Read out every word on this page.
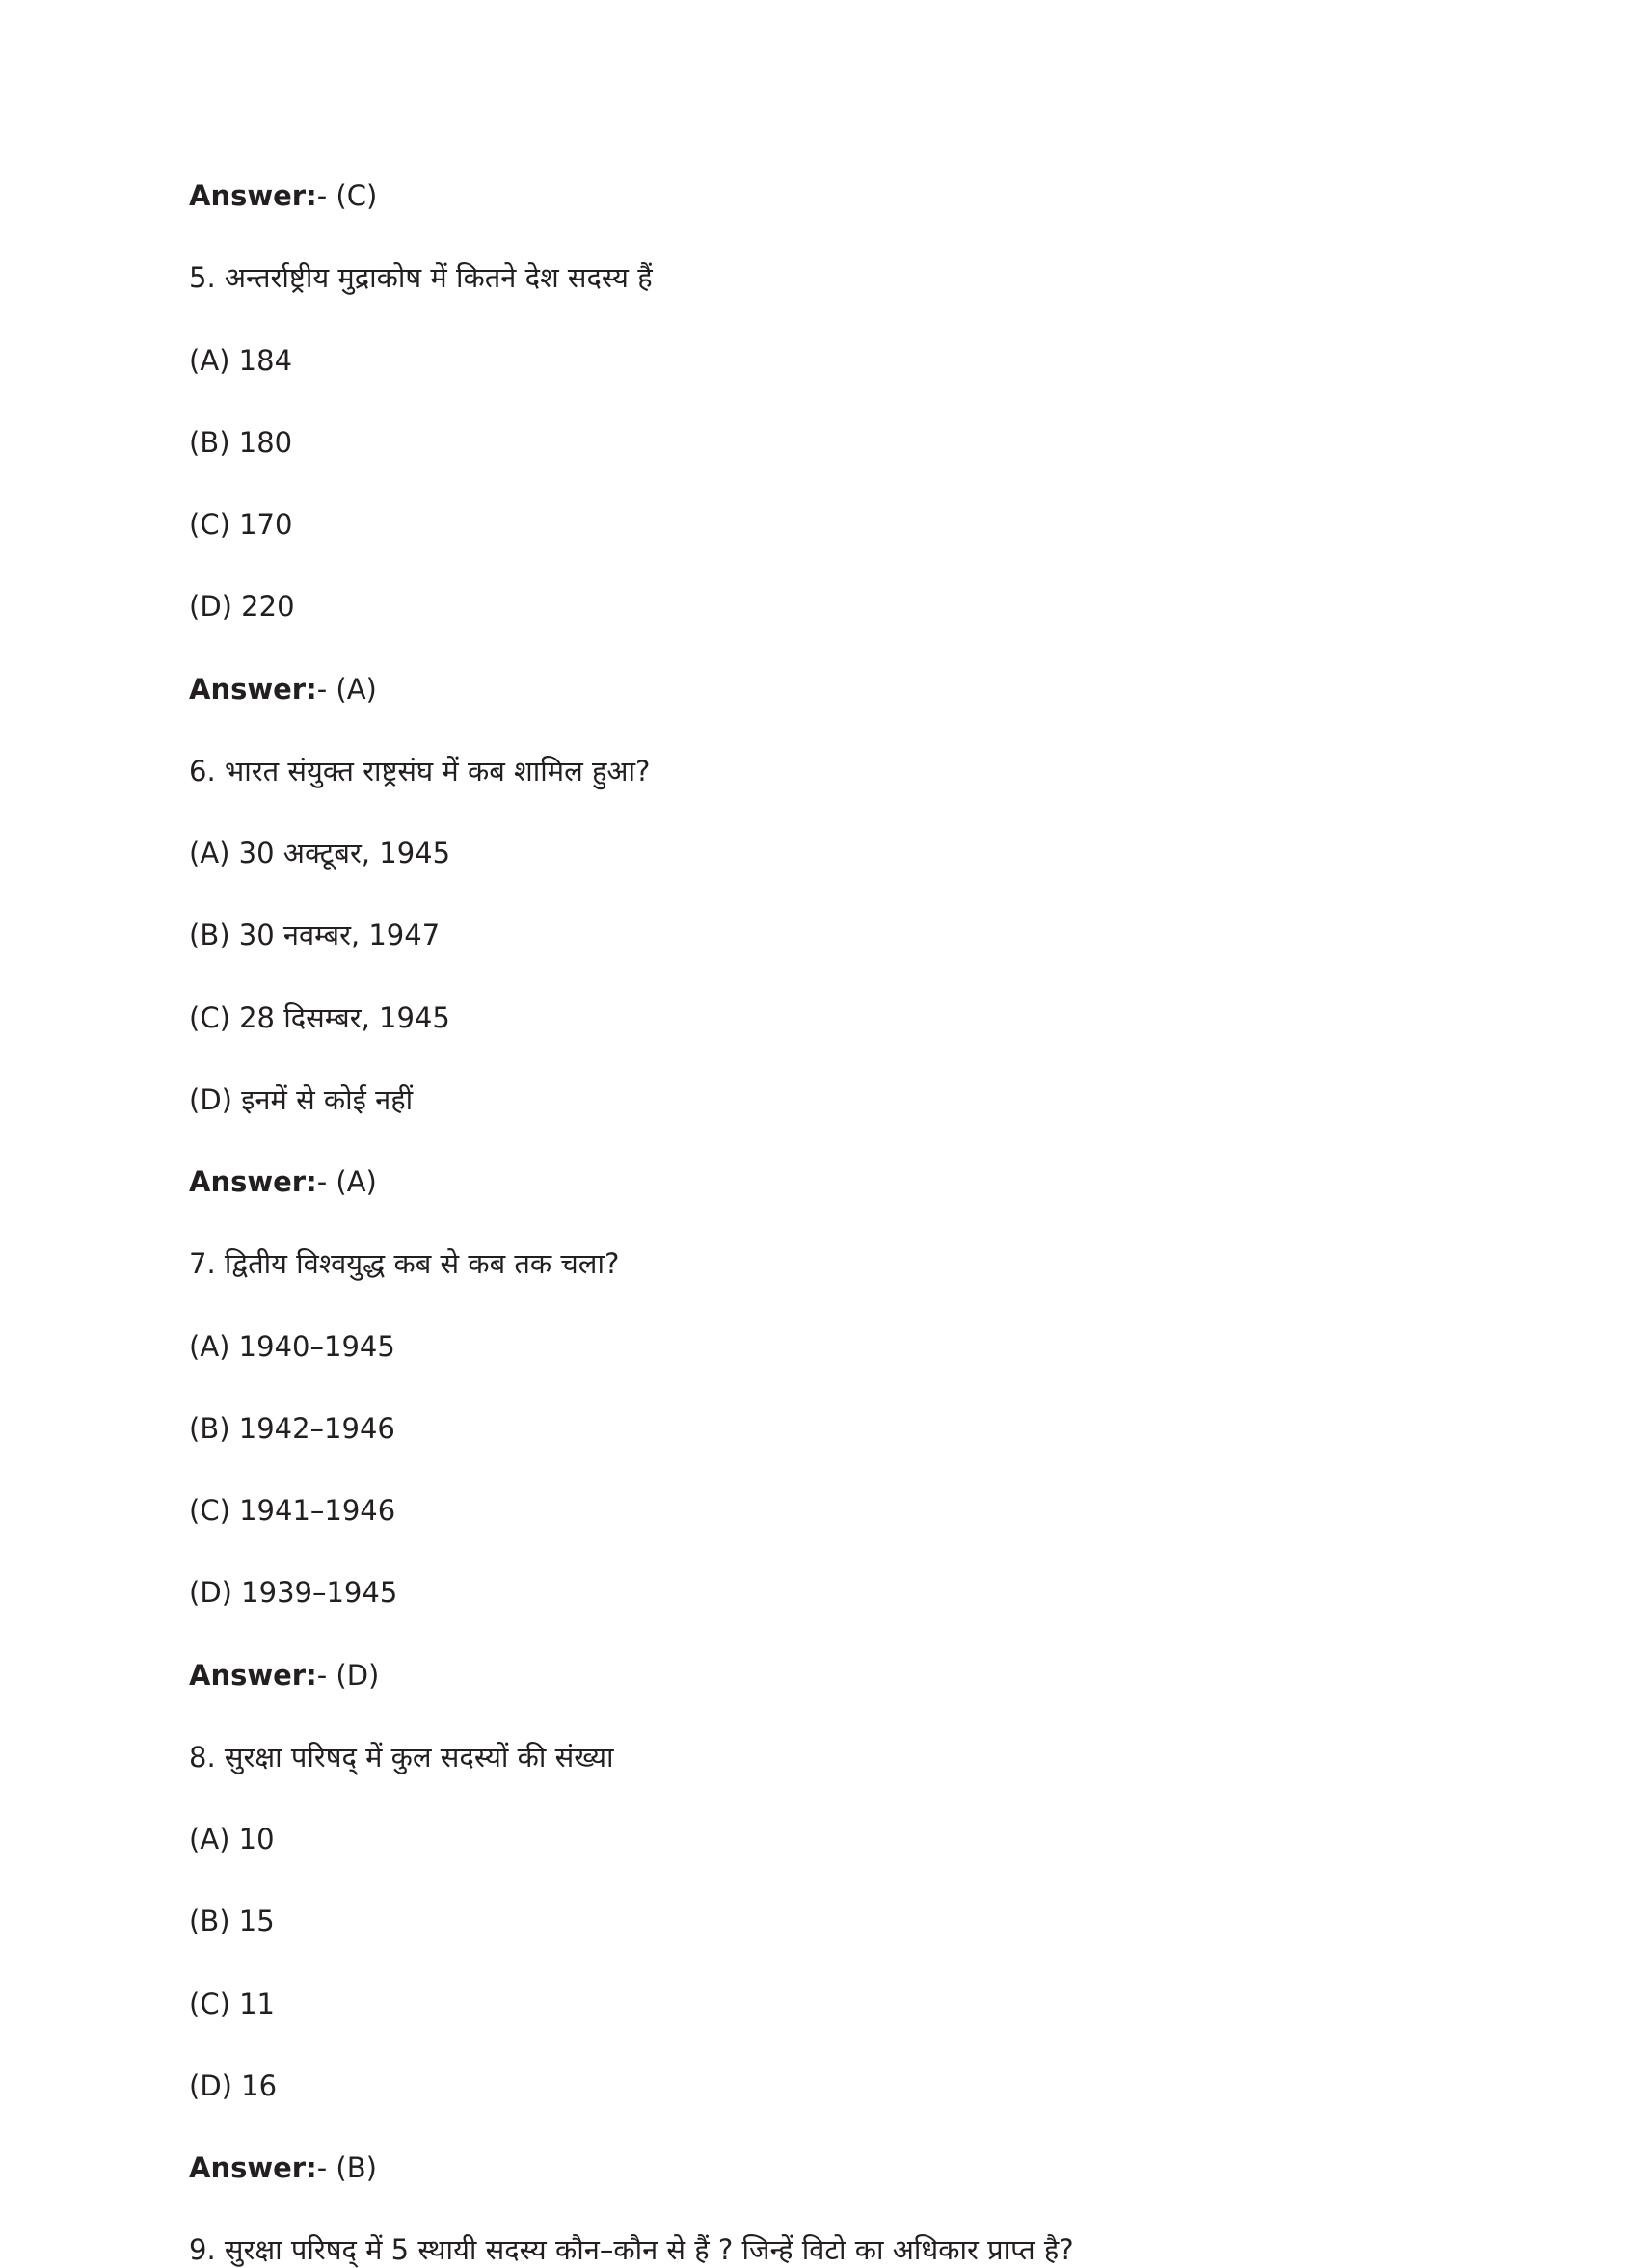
Answer:- (C)
5. अन्तर्राष्ट्रीय मुद्राकोष में कितने देश सदस्य हैं
(A) 184
(B) 180
(C) 170
(D) 220
Answer:- (A)
6. भारत संयुक्त राष्ट्रसंघ में कब शामिल हुआ?
(A) 30 अक्टूबर, 1945
(B) 30 नवम्बर, 1947
(C) 28 दिसम्बर, 1945
(D) इनमें से कोई नहीं
Answer:- (A)
7. द्वितीय विश्वयुद्ध कब से कब तक चला?
(A) 1940–1945
(B) 1942–1946
(C) 1941–1946
(D) 1939–1945
Answer:- (D)
8. सुरक्षा परिषद् में कुल सदस्यों की संख्या
(A) 10
(B) 15
(C) 11
(D) 16
Answer:- (B)
9. सुरक्षा परिषद् में 5 स्थायी सदस्य कौन–कौन से हैं ? जिन्हें विटो का अधिकार प्राप्त है?
